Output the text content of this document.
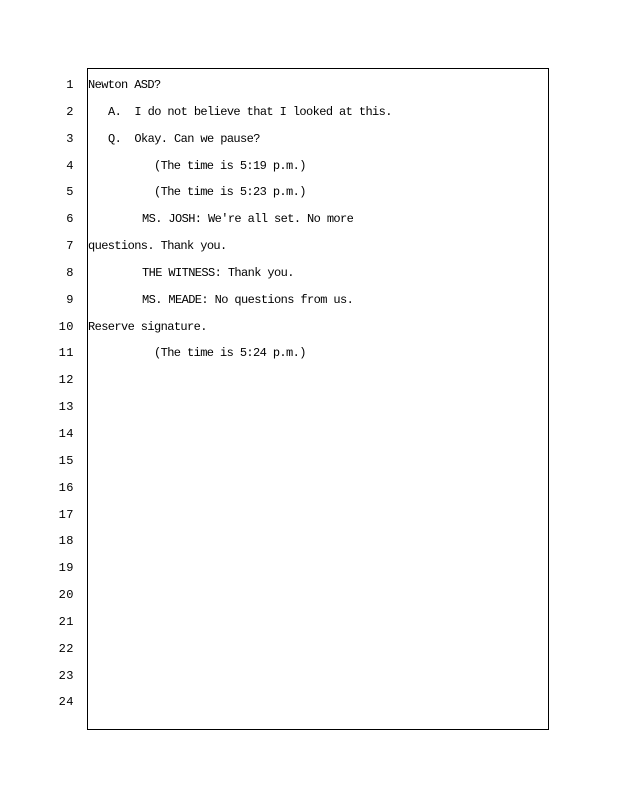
1
2
3
4
5
6
7
8
9
10
11
12
13
14
15
16
17
18
19
20
21
22
23
24
Newton ASD?
A.  I do not believe that I looked at this.
Q.  Okay. Can we pause?
(The time is 5:19 p.m.)
(The time is 5:23 p.m.)
MS. JOSH: We're all set. No more
questions. Thank you.
THE WITNESS: Thank you.
MS. MEADE: No questions from us.
Reserve signature.
(The time is 5:24 p.m.)
